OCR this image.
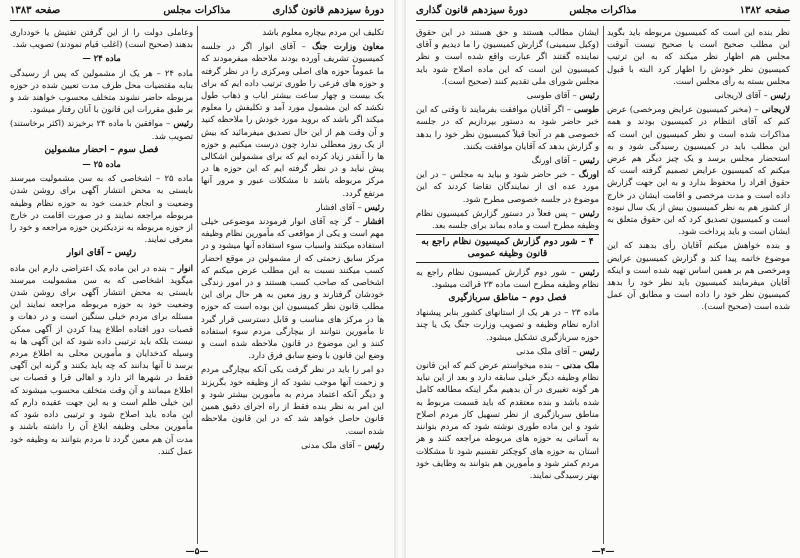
دورهٔ سیزدهم قانون گذاری
مذاکرات مجلس
صفحه ۱۳۸۳

تکلیف این مردم بیچاره معلوم باشد

معاون وزارت جنگ – آقای انوار اگر در جلسه کمیسیون تشریف آورده بودند ملاحظه میفرمودند که ما عموماً حوزه های اصلی ومرکزی را در نظر گرفته و حوزه های فرعی را طوری ترتیب داده ایم که برای یک بیست و چهار ساعت بیشتر ایاب و ذهاب طول نکشد که این مشمول مورد آمد و تکلیفش را معلوم میکند اگر باشد که بروید مورد خودش را ملاحظه کنید و آن وقت هم از این حال تصدیق میفرمائید که بیش از یک روز معطلی ندارد چون درست میکنیم و حوزه ها را آنقدر زیاد کرده ایم که برای مشمولین اشکالی پیش نیاید و در نظر گرفته ایم که این حوزه ها در مرکز مربوطه باشد تا مشکلات عبور و مرور آنها مرتفع گردد.

رئیس – آقای افشار

افشار – گر چه آقای انوار فرمودند موضوعی خیلی مهم است و یکی از مواقعی که مأمورین نظام وظیفه استفاده میکنند واسباب سوء استفاده آنها میشود و در مرکز سابق زحمتی که از مشمولین در موقع احضار کسب میکنند نسبت به این مطلب عرض میکنم که اشخاصی که صاحب کسب هستند و در امور زندگی خودشان گرفتارند و روز معین به هر حال برای این مطلب قانون نظر کمیسیون این بوده است که حوزه ها در مرکز های مناسب و قابل دسترسی قرار گیرد تا مأمورین نتوانند از بیچارگی مردم سوء استفاده کنند و این موضوع در قانون ملاحظه شده است و وضع این قانون با وضع سابق فرق دارد.

دو امر را باید در نظر گرفت یکی آنکه بیچارگی مردم و زحمت آنها موجب نشود که از وظیفه خود بگریزند و دیگر آنکه اعتماد مردم به مأمورین بیشتر شود و این امر به نظر بنده فقط از راه اجرای دقیق همین قانون حاصل خواهد شد که در این قانون ملاحظه شده است.

رئیس – آقای ملک مدنی

وعاملی دولت را از این گرفتن تفتیش یا خودداری بدهند (صحیح است) (اغلب قیام نمودند) تصویب شد.

ماده ۲۴ —

ماده ۲۴ – هر یک از مشمولین که پس از رسیدگی بنابه مقتضیات محل ظرف مدت تعیین شده در حوزه مربوطه حاضر نشوند متخلف محسوب خواهند شد و بر طبق مقررات این قانون با آنان رفتار میشود.

رئیس – موافقین با ماده ۲۴ برخیزند (اکثر برخاستند) تصویب شد.

فصل سوم – احضار مشمولین

ماده ۲۵ —

ماده ۲۵ – اشخاصی که به سن مشمولیت میرسند بایستی به محض انتشار آگهی برای روشن شدن وضعیت و انجام خدمت خود به حوزه نظام وظیفه مربوطه مراجعه نمایند و در صورت اقامت در خارج از حوزه مربوطه به نزدیکترین حوزه مراجعه و خود را معرفی نمایند.

رئیس – آقای انوار

انوار – بنده در این ماده یک اعتراضی دارم این ماده میگوید اشخاصی که به سن مشمولیت میرسند بایستی به محض انتشار آگهی برای روشن شدن وضعیت خود به حوزه مربوطه مراجعه نمایند این مسئله برای مردم خیلی سنگین است و در دهات و قصبات دور افتاده اطلاع پیدا کردن از آگهی ممکن نیست بلکه باید ترتیبی داده شود که این آگهی ها به وسیله کدخدایان و مأمورین محلی به اطلاع مردم برسد تا آنها بدانند که چه باید بکنند و گرنه این آگهی فقط در شهرها اثر دارد و اهالی قرا و قصبات بی اطلاع میمانند و آن وقت متخلف محسوب میشوند که این خیلی ظلم است و به این جهت عقیده دارم که این ماده باید اصلاح شود و ترتیبی داده شود که مأمورین محلی وظیفه ابلاغ آن را داشته باشند و مدت آن هم معین گردد تا مردم بتوانند به وظیفه خود عمل کنند.

—۵—
صفحه ۱۳۸۲
مذاکرات مجلس
دورهٔ سیزدهم قانون گذاری

نظر بنده این است که کمیسیون مربوطه باید بگوید این مطلب صحیح است یا صحیح نیست آنوقت مجلس هم اظهار نظر میکند که به این ترتیب کمیسیون نظر خودش را اظهار کرد البته با قبول مجلس بسته به رأی مجلس است.

رئیس – آقای لاریجانی

لاریجانی – (مخبر کمیسیون عرایض ومرخصی) عرض کنم که آقای انتظام در کمیسیون بودند و همه مذاکرات شده است و نظر کمیسیون این است که این مطلب باید در کمیسیون رسیدگی شود و به استحضار مجلس برسد و یک چیز دیگر هم عرض میکنم که کمیسیون عرایض تصمیم گرفته است که حقوق افراد را محفوظ بدارد و به این جهت گزارش داده است و مدت مرخصی و اقامت ایشان در خارج از کشور هم به نظر کمیسیون بیش از یک سال نبوده است و کمیسیون تصدیق کرد که این حقوق متعلق به ایشان است و باید پرداخت شود.

و بنده خواهش میکنم آقایان رأی بدهند که این موضوع خاتمه پیدا کند و گزارش کمیسیون عرایض ومرخصی هم بر همین اساس تهیه شده است و اینکه آقایان میفرمایند کمیسیون باید نظر خود را بدهد کمیسیون نظر خود را داده است و مطابق آن عمل شده است (صحیح است).

ایشان مطالب هستند و حق هستند در این حقوق (وکیل سیمینی) گزارش کمیسیون را ما دیدیم و آقای نماینده گفتند اگر عبارت واقع شده است و نظر کمیسیون این است که این ماده اصلاح شود باید مجلس شورای ملی تقدیم کنند (صحیح است).

رئیس – آقای طوسی

طوسی – اگر آقایان موافقت بفرمایند تا وقتی که این خبر حاضر شود به دستور بپردازیم که در جلسه خصوصی هم در آنجا قبلاً کمیسیون نظر خود را بدهد و گزارش بدهد که آقایان موافقت بکنند.

رئیس – آقای اورنگ

اورنگ – خبر حاضر شود و بیاید به مجلس – در این مورد عده ای از نمایندگان تقاضا کردند که این موضوع در جلسه خصوصی مطرح شود.

رئیس – پس فعلاً در دستور گزارش کمیسیون نظام وظیفه مطرح است و ماده بماند برای جلسه بعد.

۴ – شور دوم گزارش کمیسیون نظام راجع به قانون وظیفه عمومی

رئیس – شور دوم گزارش کمیسیون نظام راجع به نظام وظیفه مطرح است ماده ۲۳ قرائت میشود.

فصل دوم – مناطق سربازگیری

ماده ۲۳ – در هر یک از استانهای کشور بنابر پیشنهاد اداره نظام وظیفه و تصویب وزارت جنگ یک یا چند حوزه سربازگیری تشکیل میشود.

رئیس – آقای ملک مدنی

ملک مدنی – بنده میخواستم عرض کنم که این قانون نظام وظیفه دیگر خیلی سابقه دارد و بعد از این نباید هر گونه تغییری در آن بدهیم مگر اینکه مطالعه کامل شده باشد و بنده معتقدم که باید قسمت مربوط به مناطق سربازگیری از نظر تسهیل کار مردم اصلاح شود و این ماده طوری نوشته شود که مردم بتوانند به آسانی به حوزه های مربوطه مراجعه کنند و هر استان به حوزه های کوچکتر تقسیم شود تا مشکلات مردم کمتر شود و مأمورین هم بتوانند به وظایف خود بهتر رسیدگی نمایند.

—۴—
